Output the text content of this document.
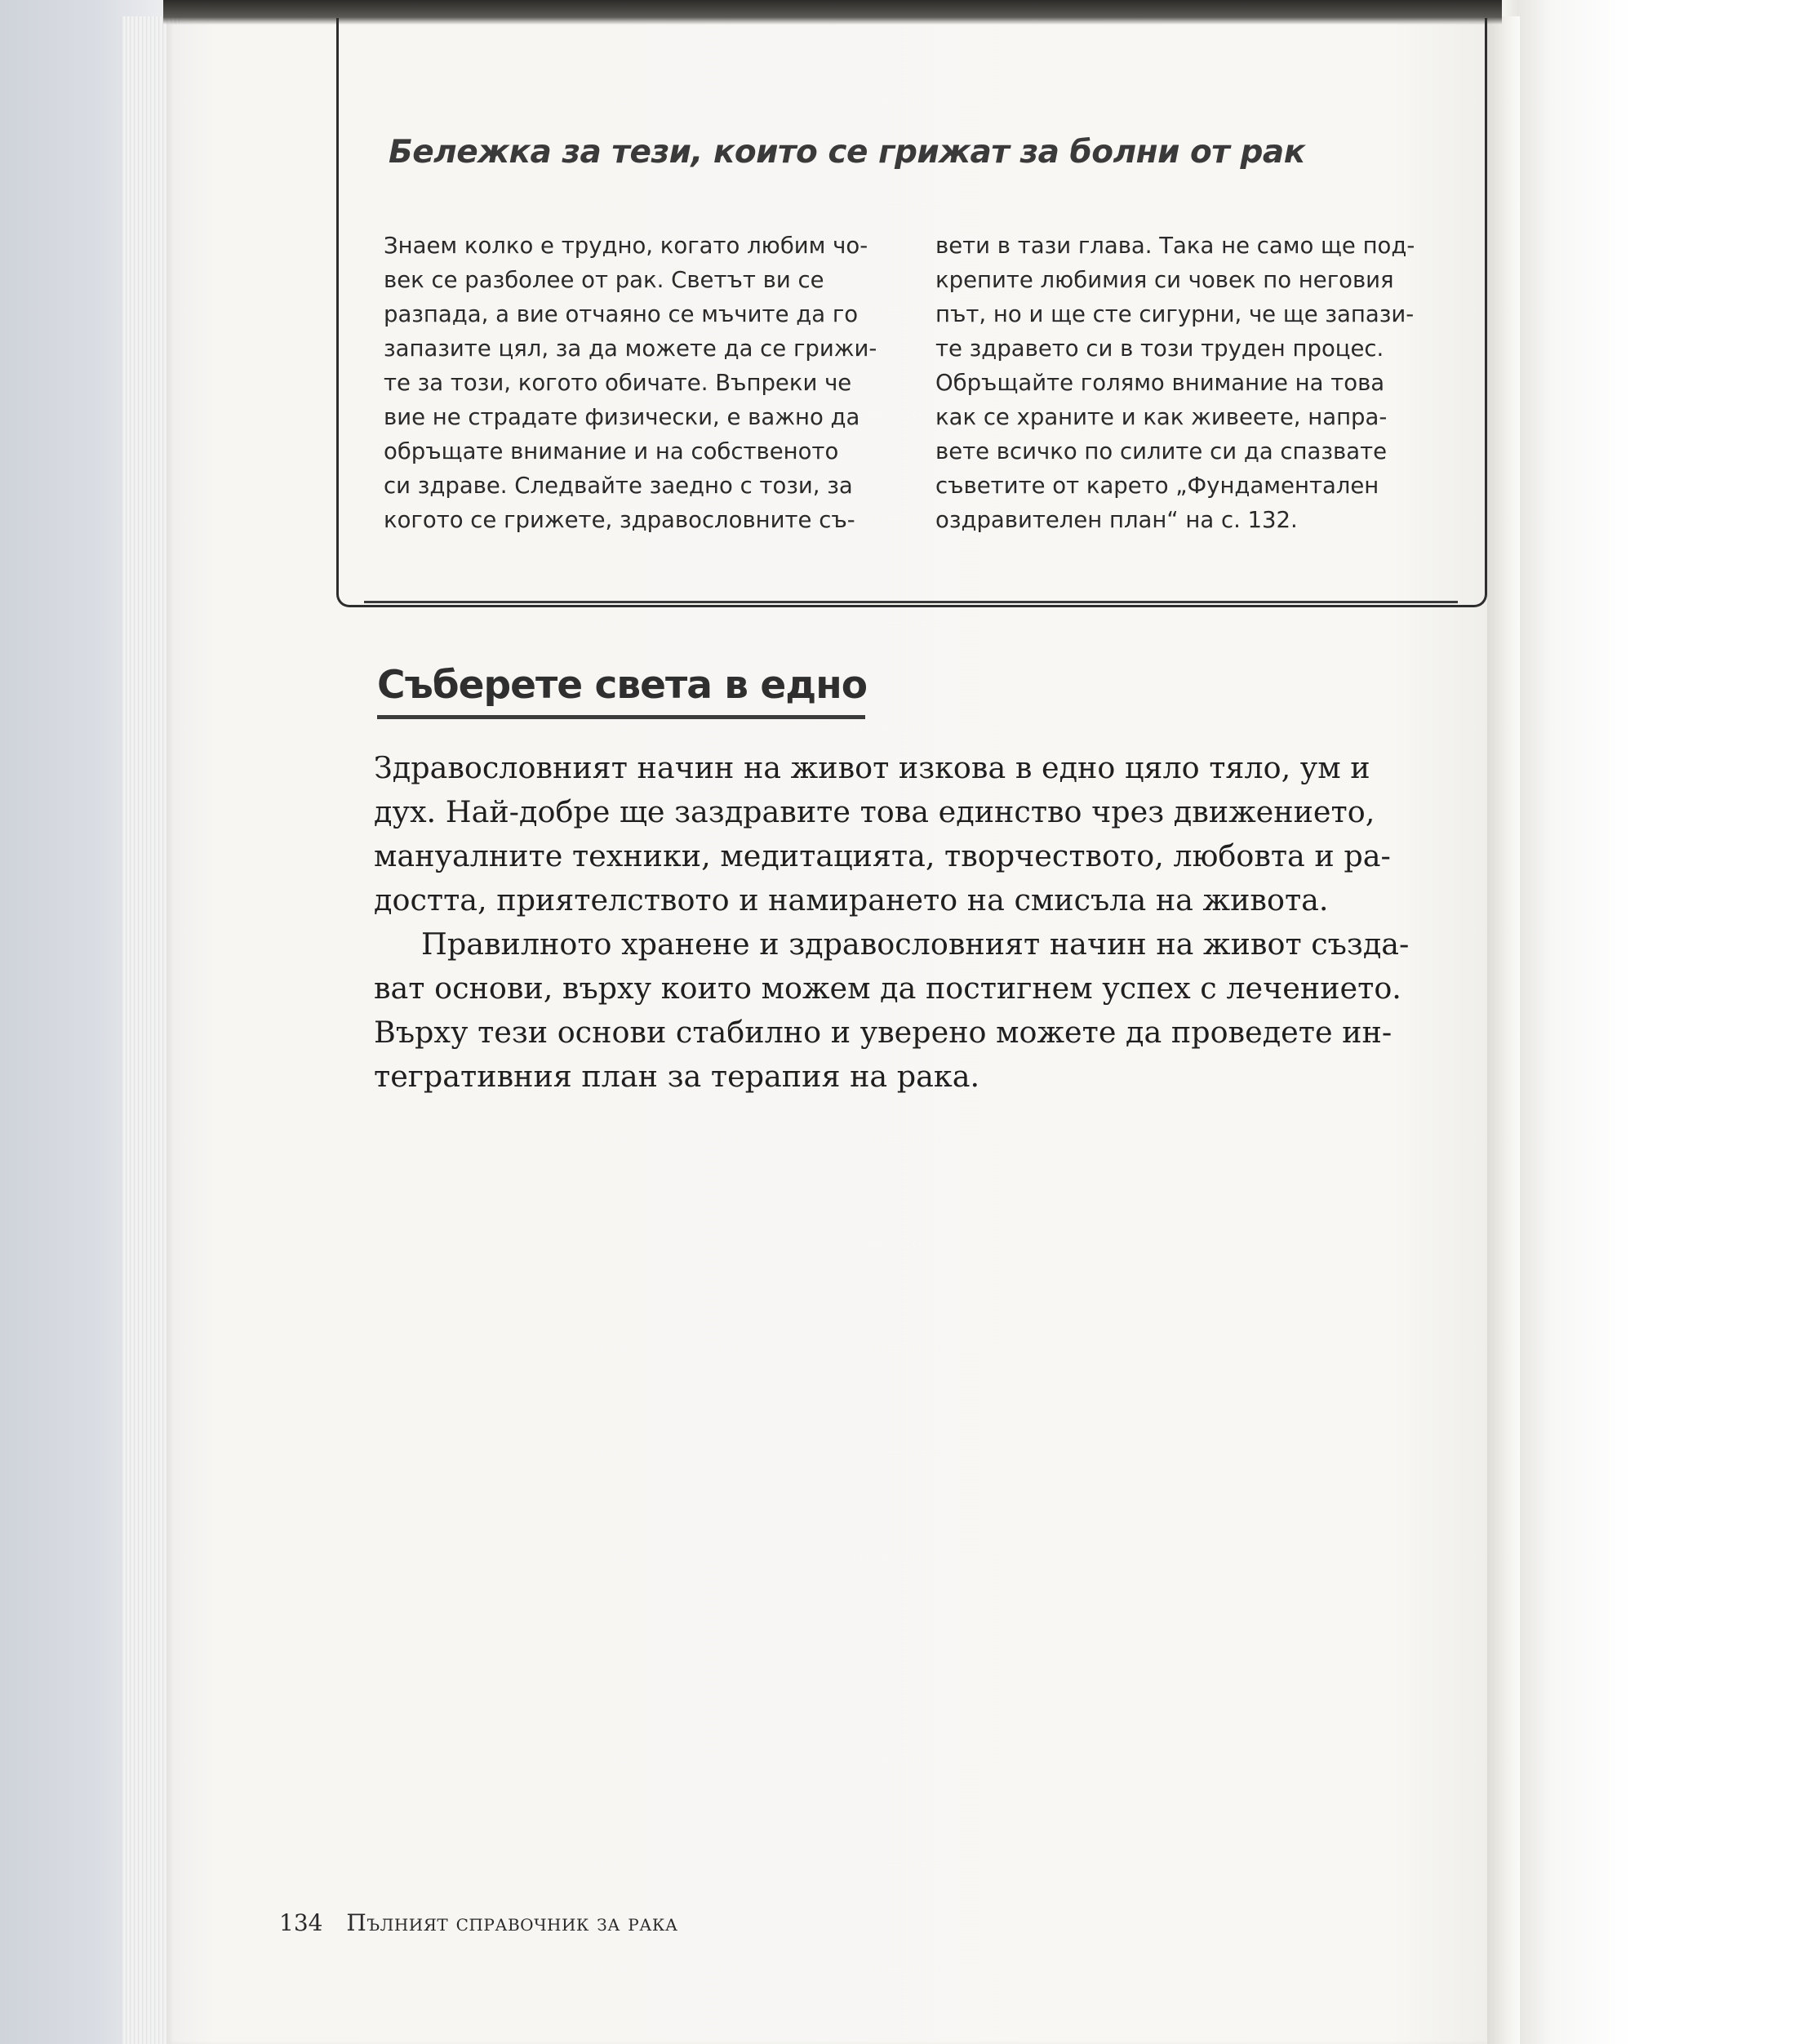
Бележка за тези, които се грижат за болни от рак
Знаем колко е трудно, когато любим чо-
век се разболее от рак. Светът ви се
разпада, а вие отчаяно се мъчите да го
запазите цял, за да можете да се грижи-
те за този, когото обичате. Въпреки че
вие не страдате физически, е важно да
обръщате внимание и на собственото
си здраве. Следвайте заедно с този, за
когото се грижете, здравословните съ-
вети в тази глава. Така не само ще под-
крепите любимия си човек по неговия
път, но и ще сте сигурни, че ще запази-
те здравето си в този труден процес.
Обръщайте голямо внимание на това
как се храните и как живеете, напра-
вете всичко по силите си да спазвате
съветите от карето „Фундаментален
оздравителен план“ на с. 132.
Съберете света в едно
Здравословният начин на живот изкова в едно цяло тяло, ум и
дух. Най-добре ще заздравите това единство чрез движението,
мануалните техники, медитацията, творчеството, любовта и ра-
достта, приятелството и намирането на смисъла на живота.
Правилното хранене и здравословният начин на живот създа-
ват основи, върху които можем да постигнем успех с лечението.
Върху тези основи стабилно и уверено можете да проведете ин-
тегративния план за терапия на рака.
134 Пълният справочник за рака
